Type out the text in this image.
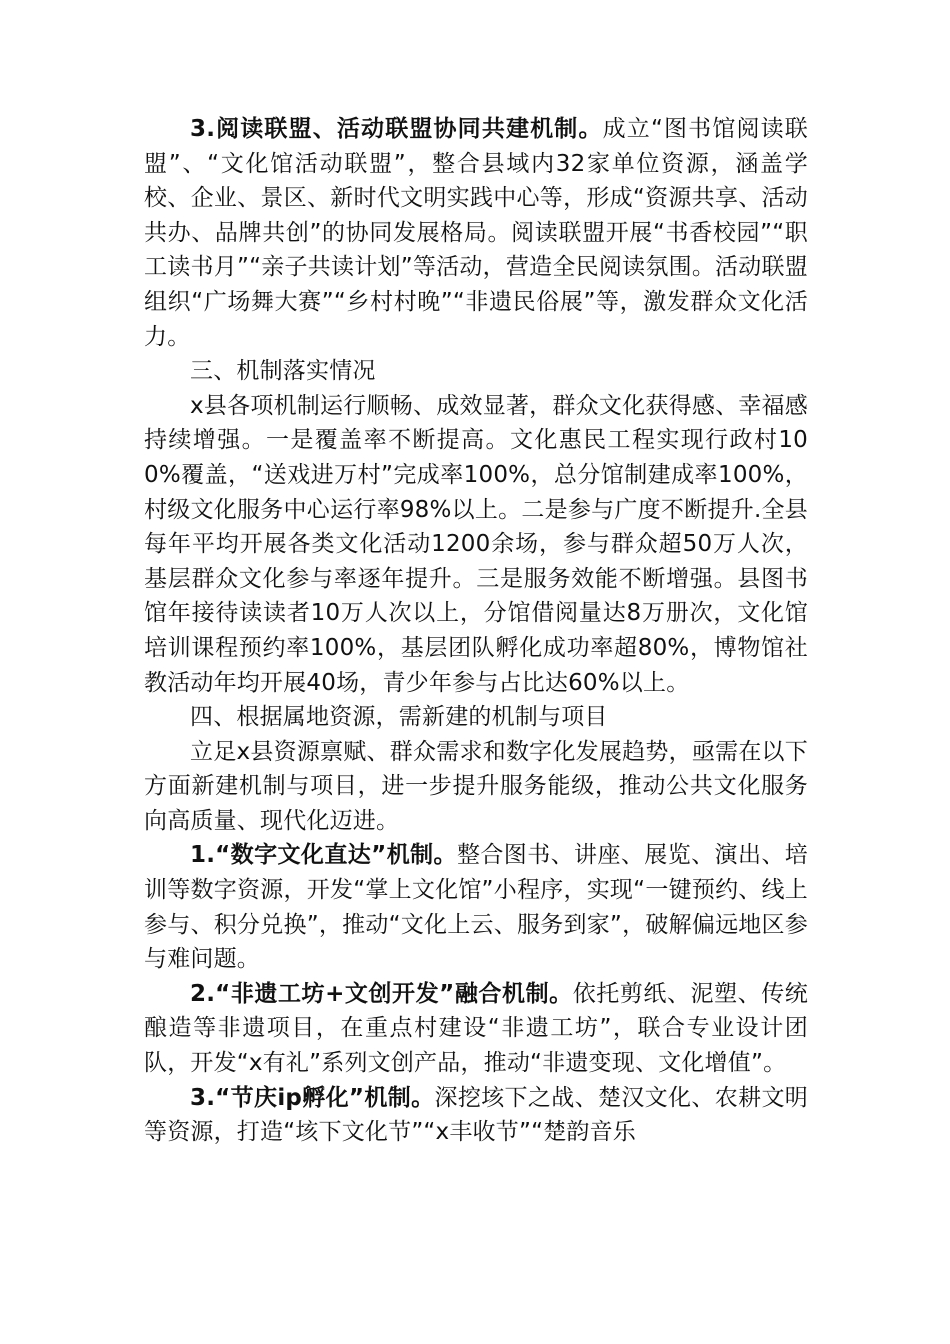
3.阅读联盟、活动联盟协同共建机制。成立“图书馆阅读联盟”、“文化馆活动联盟”，整合县域内32家单位资源，涵盖学校、企业、景区、新时代文明实践中心等，形成“资源共享、活动共办、品牌共创”的协同发展格局。阅读联盟开展“书香校园”“职工读书月”“亲子共读计划”等活动，营造全民阅读氛围。活动联盟组织“广场舞大赛”“乡村村晚”“非遗民俗展”等，激发群众文化活力。

三、机制落实情况

x县各项机制运行顺畅、成效显著，群众文化获得感、幸福感持续增强。一是覆盖率不断提高。文化惠民工程实现行政村100%覆盖，“送戏进万村”完成率100%，总分馆制建成率100%，村级文化服务中心运行率98%以上。二是参与广度不断提升.全县每年平均开展各类文化活动1200余场，参与群众超50万人次，基层群众文化参与率逐年提升。三是服务效能不断增强。县图书馆年接待读读者10万人次以上，分馆借阅量达8万册次，文化馆培训课程预约率100%，基层团队孵化成功率超80%，博物馆社教活动年均开展40场，青少年参与占比达60%以上。

四、根据属地资源，需新建的机制与项目

立足x县资源禀赋、群众需求和数字化发展趋势，亟需在以下方面新建机制与项目，进一步提升服务能级，推动公共文化服务向高质量、现代化迈进。

1.“数字文化直达”机制。整合图书、讲座、展览、演出、培训等数字资源，开发“掌上文化馆”小程序，实现“一键预约、线上参与、积分兑换”，推动“文化上云、服务到家”，破解偏远地区参与难问题。

2.“非遗工坊+文创开发”融合机制。依托剪纸、泥塑、传统酿造等非遗项目，在重点村建设“非遗工坊”，联合专业设计团队，开发“x有礼”系列文创产品，推动“非遗变现、文化增值”。

3.“节庆ip孵化”机制。深挖垓下之战、楚汉文化、农耕文明等资源，打造“垓下文化节”“x丰收节”“楚韵音乐
